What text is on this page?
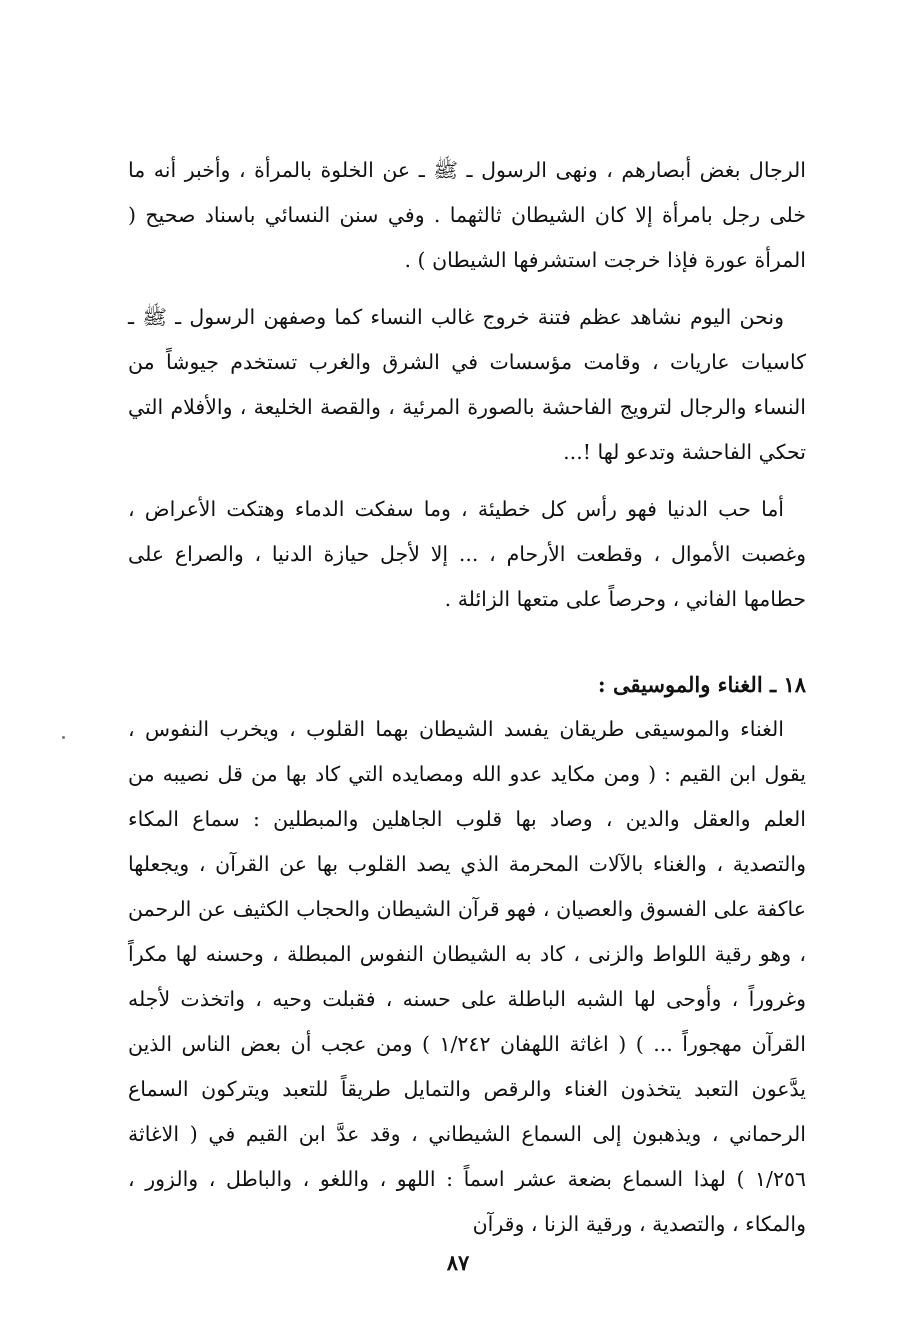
الرجال بغض أبصارهم ، ونهى الرسول ـ ﷺ ـ عن الخلوة بالمرأة ، وأخبر أنه ما خلى رجل بامرأة إلا كان الشيطان ثالثهما . وفي سنن النسائي باسناد صحيح ( المرأة عورة فإذا خرجت استشرفها الشيطان ) .

ونحن اليوم نشاهد عظم فتنة خروج غالب النساء كما وصفهن الرسول ـ ﷺ ـ كاسيات عاريات ، وقامت مؤسسات في الشرق والغرب تستخدم جيوشاً من النساء والرجال لترويج الفاحشة بالصورة المرئية ، والقصة الخليعة ، والأفلام التي تحكي الفاحشة وتدعو لها !...

أما حب الدنيا فهو رأس كل خطيئة ، وما سفكت الدماء وهتكت الأعراض ، وغصبت الأموال ، وقطعت الأرحام ، ... إلا لأجل حيازة الدنيا ، والصراع على حطامها الفاني ، وحرصاً على متعها الزائلة .

١٨ ـ الغناء والموسيقى :

الغناء والموسيقى طريقان يفسد الشيطان بهما القلوب ، ويخرب النفوس ، يقول ابن القيم : ( ومن مكايد عدو الله ومصايده التي كاد بها من قل نصيبه من العلم والعقل والدين ، وصاد بها قلوب الجاهلين والمبطلين : سماع المكاء والتصدية ، والغناء بالآلات المحرمة الذي يصد القلوب بها عن القرآن ، ويجعلها عاكفة على الفسوق والعصيان ، فهو قرآن الشيطان والحجاب الكثيف عن الرحمن ، وهو رقية اللواط والزنى ، كاد به الشيطان النفوس المبطلة ، وحسنه لها مكراً وغروراً ، وأوحى لها الشبه الباطلة على حسنه ، فقبلت وحيه ، واتخذت لأجله القرآن مهجوراً ... ) ( اغاثة اللهفان ١/٢٤٢ ) ومن عجب أن بعض الناس الذين يدَّعون التعبد يتخذون الغناء والرقص والتمايل طريقاً للتعبد ويتركون السماع الرحماني ، ويذهبون إلى السماع الشيطاني ، وقد عدَّ ابن القيم في ( الاغاثة ١/٢٥٦ ) لهذا السماع بضعة عشر اسماً : اللهو ، واللغو ، والباطل ، والزور ، والمكاء ، والتصدية ، ورقية الزنا ، وقرآن

٨٧
